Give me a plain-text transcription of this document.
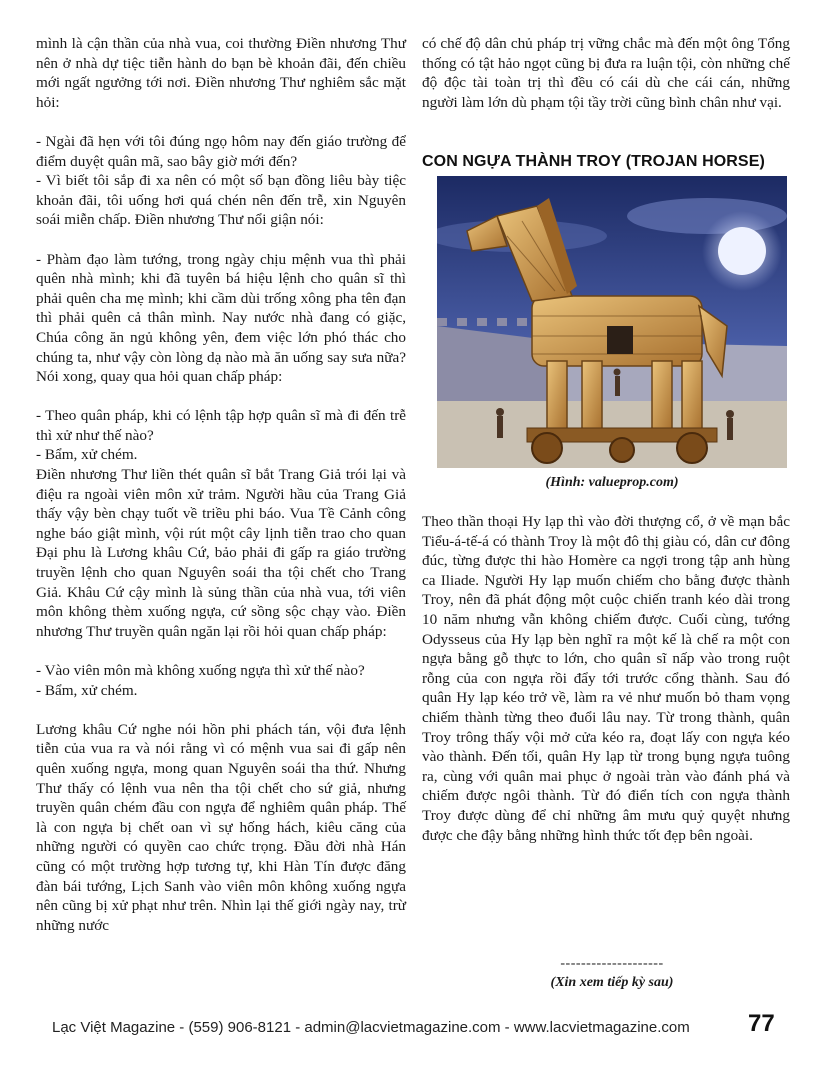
mình là cận thần của nhà vua, coi thường Điền nhương Thư nên ở nhà dự tiệc tiễn hành do bạn bè khoản đãi, đến chiều mới ngất ngưởng tới nơi. Điền nhương Thư nghiêm sắc mặt hỏi:

- Ngài đã hẹn với tôi đúng ngọ hôm nay đến giáo trường để điểm duyệt quân mã, sao bây giờ mới đến?

- Vì biết tôi sắp đi xa nên có một số bạn đồng liêu bày tiệc khoản đãi, tôi uống hơi quá chén nên đến trễ, xin Nguyên soái miễn chấp. Điền nhương Thư nổi giận nói:

- Phàm đạo làm tướng, trong ngày chịu mệnh vua thì phải quên nhà mình; khi đã tuyên bá hiệu lệnh cho quân sĩ thì phải quên cha mẹ mình; khi cầm dùi trống xông pha tên đạn thì phải quên cả thân mình. Nay nước nhà đang có giặc, Chúa công ăn ngủ không yên, đem việc lớn phó thác cho chúng ta, như vậy còn lòng dạ nào mà ăn uống say sưa nữa? Nói xong, quay qua hỏi quan chấp pháp:

- Theo quân pháp, khi có lệnh tập hợp quân sĩ mà đi đến trễ thì xử như thế nào?

- Bẩm, xử chém.

Điền nhương Thư liền thét quân sĩ bắt Trang Giả trói lại và điệu ra ngoài viên môn xử trảm. Người hầu của Trang Giả thấy vậy bèn chạy tuốt về triều phi báo. Vua Tề Cảnh công nghe báo giật mình, vội rút một cây lịnh tiễn trao cho quan Đại phu là Lương khâu Cứ, bảo phải đi gấp ra giáo trường truyền lệnh cho quan Nguyên soái tha tội chết cho Trang Giả. Khâu Cứ cậy mình là sủng thần của nhà vua, tới viên môn không thèm xuống ngựa, cứ sồng sộc chạy vào. Điền nhương Thư truyền quân ngăn lại rồi hỏi quan chấp pháp:

- Vào viên môn mà không xuống ngựa thì xử thế nào?

- Bẩm, xử chém.

Lương khâu Cứ nghe nói hồn phi phách tán, vội đưa lệnh tiễn của vua ra và nói rằng vì có mệnh vua sai đi gấp nên quên xuống ngựa, mong quan Nguyên soái tha thứ. Nhưng Thư thấy có lệnh vua nên tha tội chết cho sứ giả, nhưng truyền quân chém đầu con ngựa để nghiêm quân pháp. Thế là con ngựa bị chết oan vì sự hống hách, kiêu căng của những người có quyền cao chức trọng. Đầu đời nhà Hán cũng có một trường hợp tương tự, khi Hàn Tín được đăng đàn bái tướng, Lịch Sanh vào viên môn không xuống ngựa nên cũng bị xử phạt như trên. Nhìn lại thế giới ngày nay, trừ những nước

có chế độ dân chủ pháp trị vững chắc mà đến một ông Tổng thống có tật hảo ngọt cũng bị đưa ra luận tội, còn những chế độ độc tài toàn trị thì đều có cái dù che cái cán, những người làm lớn dù phạm tội tầy trời cũng bình chân như vại.

CON NGỰA THÀNH TROY (TROJAN HORSE)
(Hình: valueprop.com)

Theo thần thoại Hy lạp thì vào đời thượng cổ, ở về mạn bắc Tiểu-á-tế-á có thành Troy là một đô thị giàu có, dân cư đông đúc, từng được thi hào Homère ca ngợi trong tập anh hùng ca Iliade. Người Hy lạp muốn chiếm cho bằng được thành Troy, nên đã phát động một cuộc chiến tranh kéo dài trong 10 năm nhưng vẫn không chiếm được. Cuối cùng, tướng Odysseus của Hy lạp bèn nghĩ ra một kế là chế ra một con ngựa bằng gỗ thực to lớn, cho quân sĩ nấp vào trong ruột rỗng của con ngựa rồi đẩy tới trước cổng thành. Sau đó quân Hy lạp kéo trở về, làm ra vẻ như muốn bỏ tham vọng chiếm thành từng theo đuổi lâu nay. Từ trong thành, quân Troy trông thấy vội mở cửa kéo ra, đoạt lấy con ngựa kéo vào thành. Đến tối, quân Hy lạp từ trong bụng ngựa tuông ra, cùng với quân mai phục ở ngoài tràn vào đánh phá và chiếm được ngôi thành. Từ đó điển tích con ngựa thành Troy được dùng để chỉ những âm mưu quỷ quyệt nhưng được che đậy bằng những hình thức tốt đẹp bên ngoài.

--------------------
(Xin xem tiếp kỳ sau)
Lạc Việt Magazine - (559) 906-8121 - admin@lacvietmagazine.com - www.lacvietmagazine.com 77
